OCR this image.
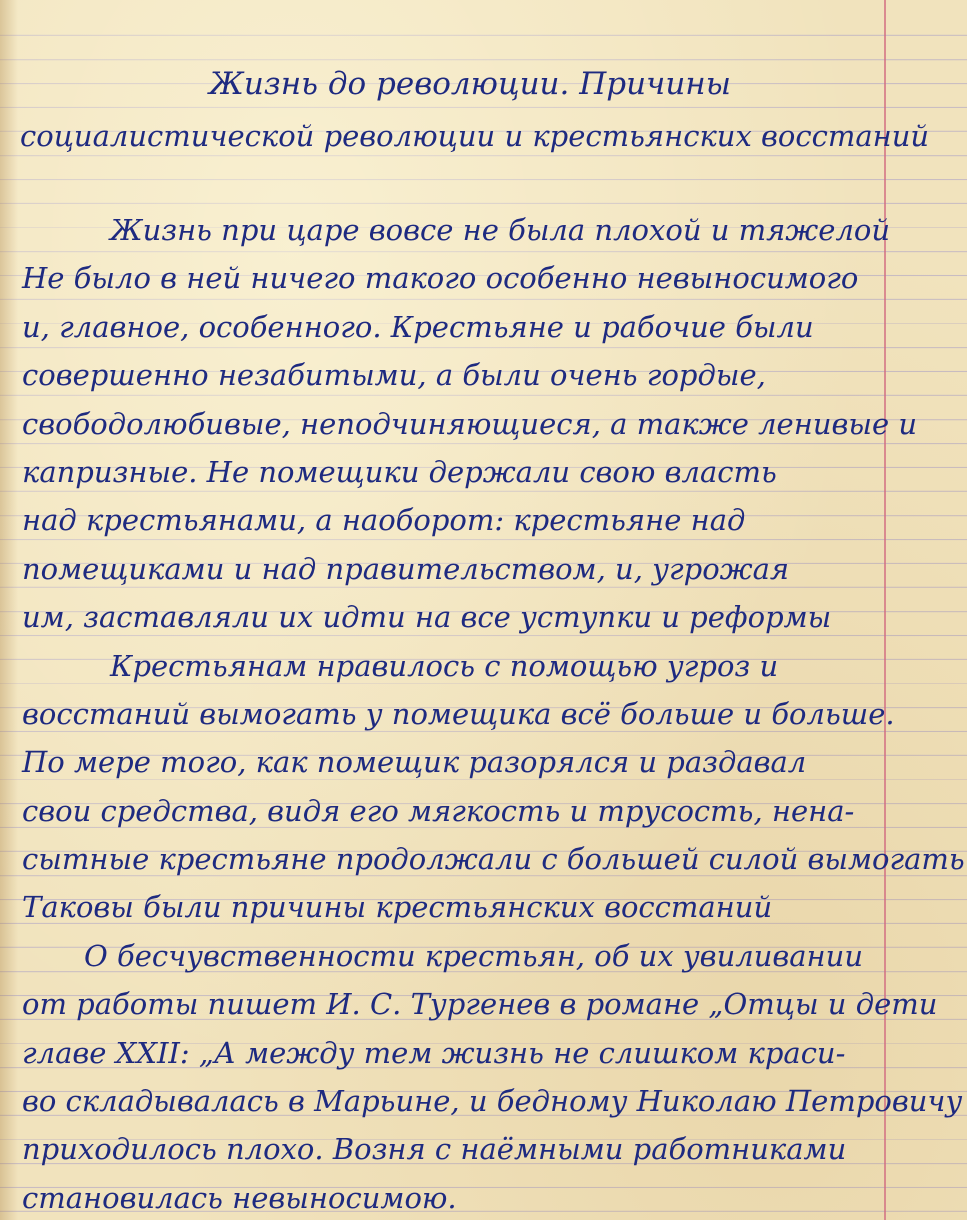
Жизнь до революции. Причины
социалистической революции и крестьянских восстаний
Жизнь при царе вовсе не была плохой и тяжелой
Не было в ней ничего такого особенно невыносимого
и, главное, особенного. Крестьяне и рабочие были
совершенно незабитыми, а были очень гордые,
свободолюбивые, неподчиняющиеся, а также ленивые и
капризные. Не помещики держали свою власть
над крестьянами, а наоборот: крестьяне над
помещиками и над правительством, и, угрожая
им, заставляли их идти на все уступки и реформы
Крестьянам нравилось с помощью угроз и
восстаний вымогать у помещика всё больше и больше.
По мере того, как помещик разорялся и раздавал
свои средства, видя его мягкость и трусость, нена-
сытные крестьяне продолжали с большей силой вымогать
Таковы были причины крестьянских восстаний
О бесчувственности крестьян, об их увиливании
от работы пишет И. С. Тургенев в романе „Отцы и дети
главе XXII: „А между тем жизнь не слишком краси-
во складывалась в Марьине, и бедному Николаю Петровичу
приходилось плохо. Возня с наёмными работниками
становилась невыносимою.
